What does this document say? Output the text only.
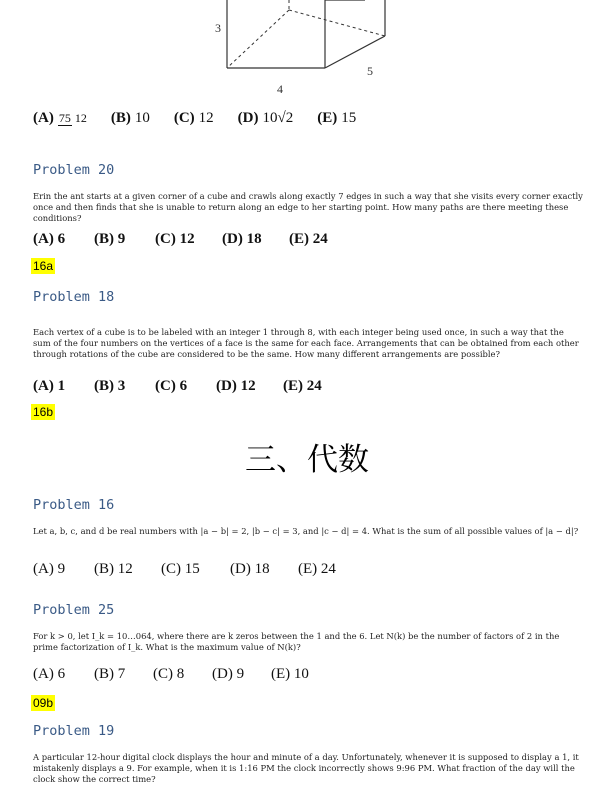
3
4
5
(A) 75 12 (B) 10 (C) 12 (D) 10√2 (E) 15
Problem 20
Erin the ant starts at a given corner of a cube and crawls along exactly 7 edges in such a way that she visits every corner exactly once and then finds that she is unable to return along an edge to her starting point. How many paths are there meeting these conditions?
(A) 6	(B) 9	(C) 12	(D) 18	(E) 24
16a
Problem 18
Each vertex of a cube is to be labeled with an integer 1 through 8, with each integer being used once, in such a way that the sum of the four numbers on the vertices of a face is the same for each face. Arrangements that can be obtained from each other through rotations of the cube are considered to be the same. How many different arrangements are possible?
(A) 1	(B) 3	(C) 6	(D) 12	(E) 24
16b
三、代数
Problem 16
Let a, b, c, and d be real numbers with |a − b| = 2, |b − c| = 3, and |c − d| = 4. What is the sum of all possible values of |a − d|?
(A) 9	(B) 12	(C) 15	(D) 18	(E) 24
Problem 25
For k > 0, let I_k = 10…064, where there are k zeros between the 1 and the 6. Let N(k) be the number of factors of 2 in the prime factorization of I_k. What is the maximum value of N(k)?
(A) 6	(B) 7	(C) 8	(D) 9	(E) 10
09b
Problem 19
A particular 12-hour digital clock displays the hour and minute of a day. Unfortunately, whenever it is supposed to display a 1, it mistakenly displays a 9. For example, when it is 1:16 PM the clock incorrectly shows 9:96 PM. What fraction of the day will the clock show the correct time?
